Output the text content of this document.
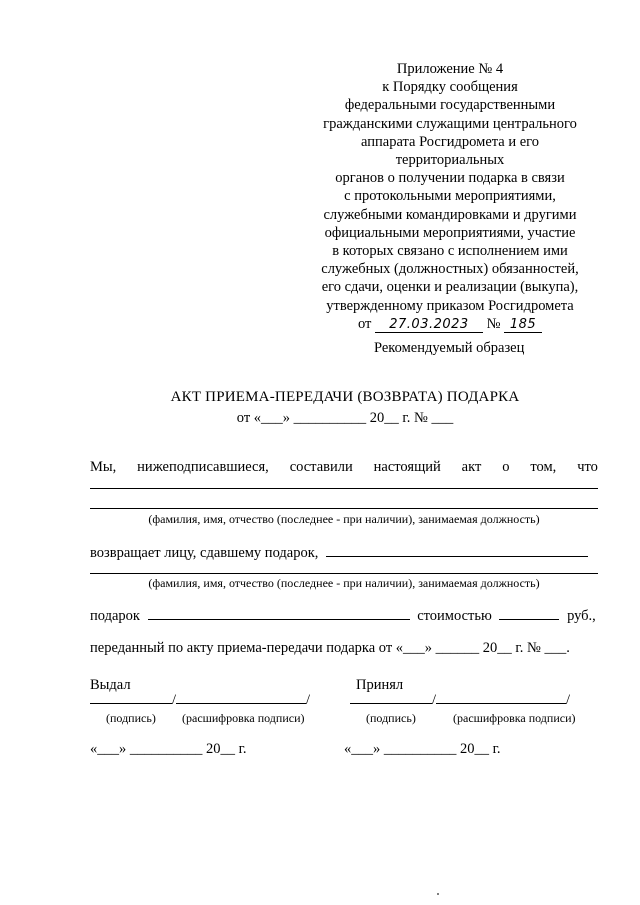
Приложение № 4
к Порядку сообщения
федеральными государственными
гражданскими служащими центрального
аппарата Росгидромета и его
территориальных
органов о получении подарка в связи
с протокольными мероприятиями,
служебными командировками и другими
официальными мероприятиями, участие
в которых связано с исполнением ими
служебных (должностных) обязанностей,
его сдачи, оценки и реализации (выкупа),
утвержденному приказом Росгидромета
от 27.03.2023 № 185
Рекомендуемый образец
АКТ ПРИЕМА-ПЕРЕДАЧИ (ВОЗВРАТА) ПОДАРКА
от «___» __________ 20__ г. № ___
Мы, нижеподписавшиеся, составили настоящий акт о том, что
(фамилия, имя, отчество (последнее - при наличии), занимаемая должность)
возвращает лицу, сдавшему подарок,
(фамилия, имя, отчество (последнее - при наличии), занимаемая должность)
подарок	стоимостью	руб.,
переданный по акту приема-передачи подарка от «___» ______ 20__ г. № ___.
Выдал	Принял
/	/	/	/
(подпись) (расшифровка подписи)	(подпись)	(расшифровка подписи)
«___» __________ 20__ г.	«___» __________ 20__ г.
